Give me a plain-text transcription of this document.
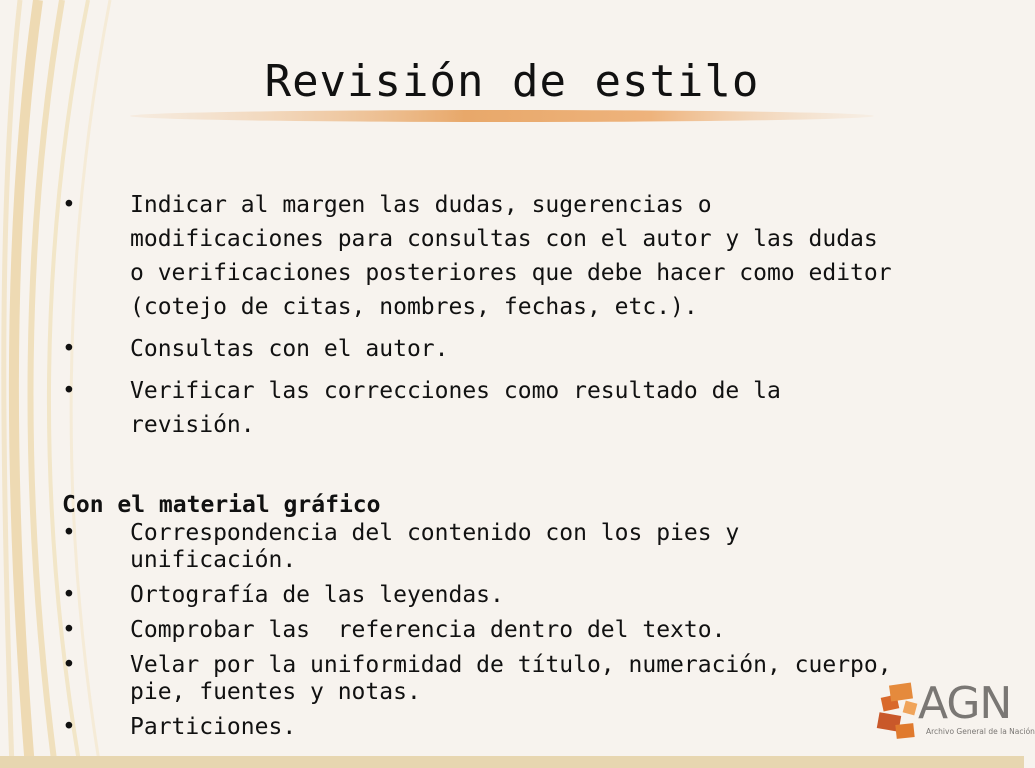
Revisión de estilo
• Indicar al margen las dudas, sugerencias o modificaciones para consultas con el autor y las dudas o verificaciones posteriores que debe hacer como editor (cotejo de citas, nombres, fechas, etc.).
• Consultas con el autor.
• Verificar las correcciones como resultado de la revisión.
Con el material gráfico
• Correspondencia del contenido con los pies y unificación.
• Ortografía de las leyendas.
• Comprobar las  referencia dentro del texto.
• Velar por la uniformidad de título, numeración, cuerpo, pie, fuentes y notas.
• Particiones.	AGN
Archivo General de la Nación
